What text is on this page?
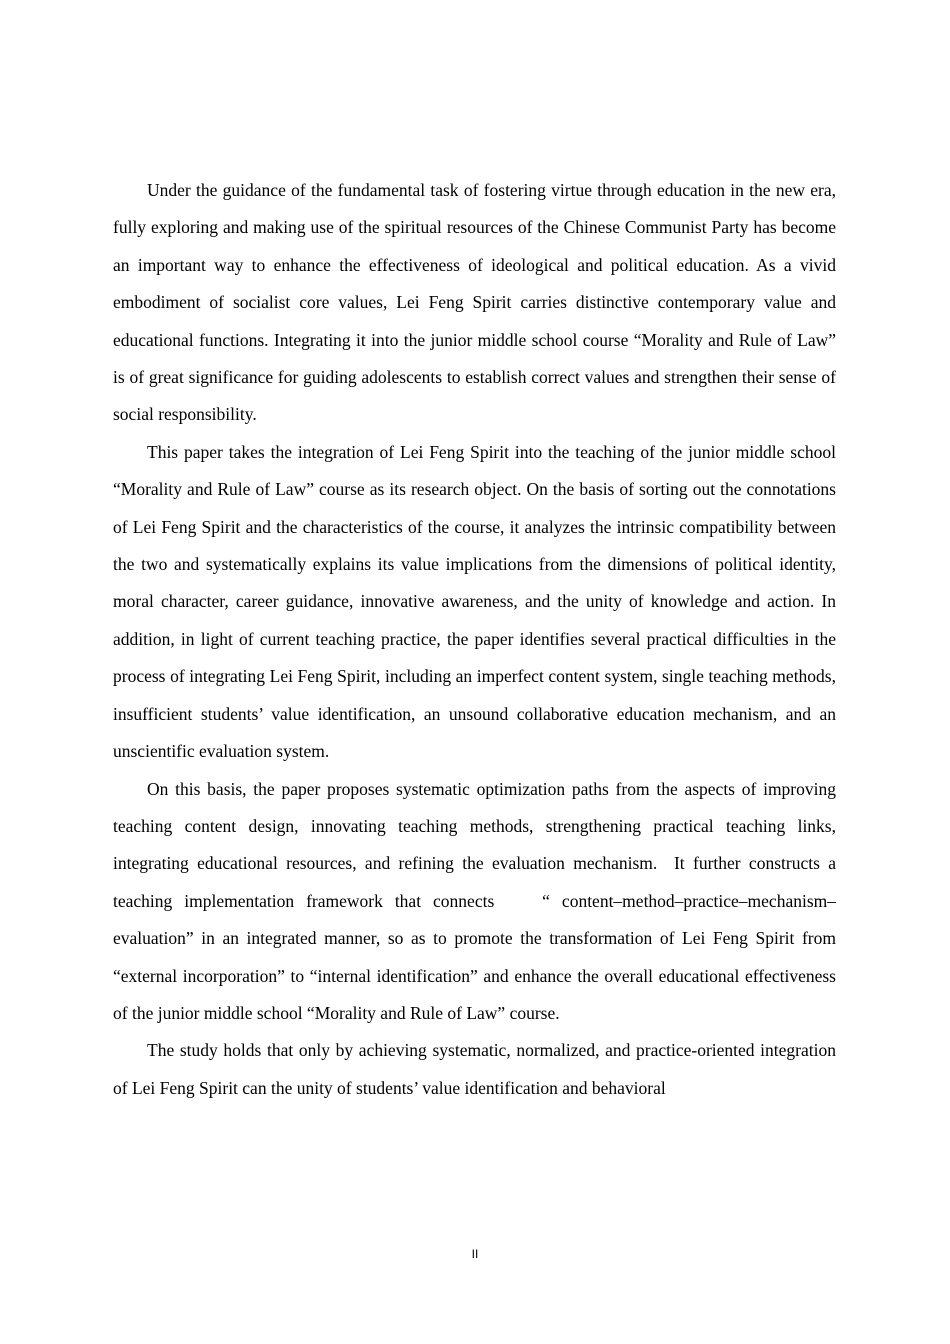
Under the guidance of the fundamental task of fostering virtue through education in the new era, fully exploring and making use of the spiritual resources of the Chinese Communist Party has become an important way to enhance the effectiveness of ideological and political education. As a vivid embodiment of socialist core values, Lei Feng Spirit carries distinctive contemporary value and educational functions. Integrating it into the junior middle school course “Morality and Rule of Law” is of great significance for guiding adolescents to establish correct values and strengthen their sense of social responsibility.

This paper takes the integration of Lei Feng Spirit into the teaching of the junior middle school “Morality and Rule of Law” course as its research object. On the basis of sorting out the connotations of Lei Feng Spirit and the characteristics of the course, it analyzes the intrinsic compatibility between the two and systematically explains its value implications from the dimensions of political identity, moral character, career guidance, innovative awareness, and the unity of knowledge and action. In addition, in light of current teaching practice, the paper identifies several practical difficulties in the process of integrating Lei Feng Spirit, including an imperfect content system, single teaching methods, insufficient students’ value identification, an unsound collaborative education mechanism, and an unscientific evaluation system.

On this basis, the paper proposes systematic optimization paths from the aspects of improving teaching content design, innovating teaching methods, strengthening practical teaching links, integrating educational resources, and refining the evaluation mechanism.  It further constructs a teaching implementation framework that connects    “ content–method–practice–mechanism–evaluation” in an integrated manner, so as to promote the transformation of Lei Feng Spirit from “external incorporation” to “internal identification” and enhance the overall educational effectiveness of the junior middle school “Morality and Rule of Law” course.

The study holds that only by achieving systematic, normalized, and practice-oriented integration of Lei Feng Spirit can the unity of students’ value identification and behavioral

II
